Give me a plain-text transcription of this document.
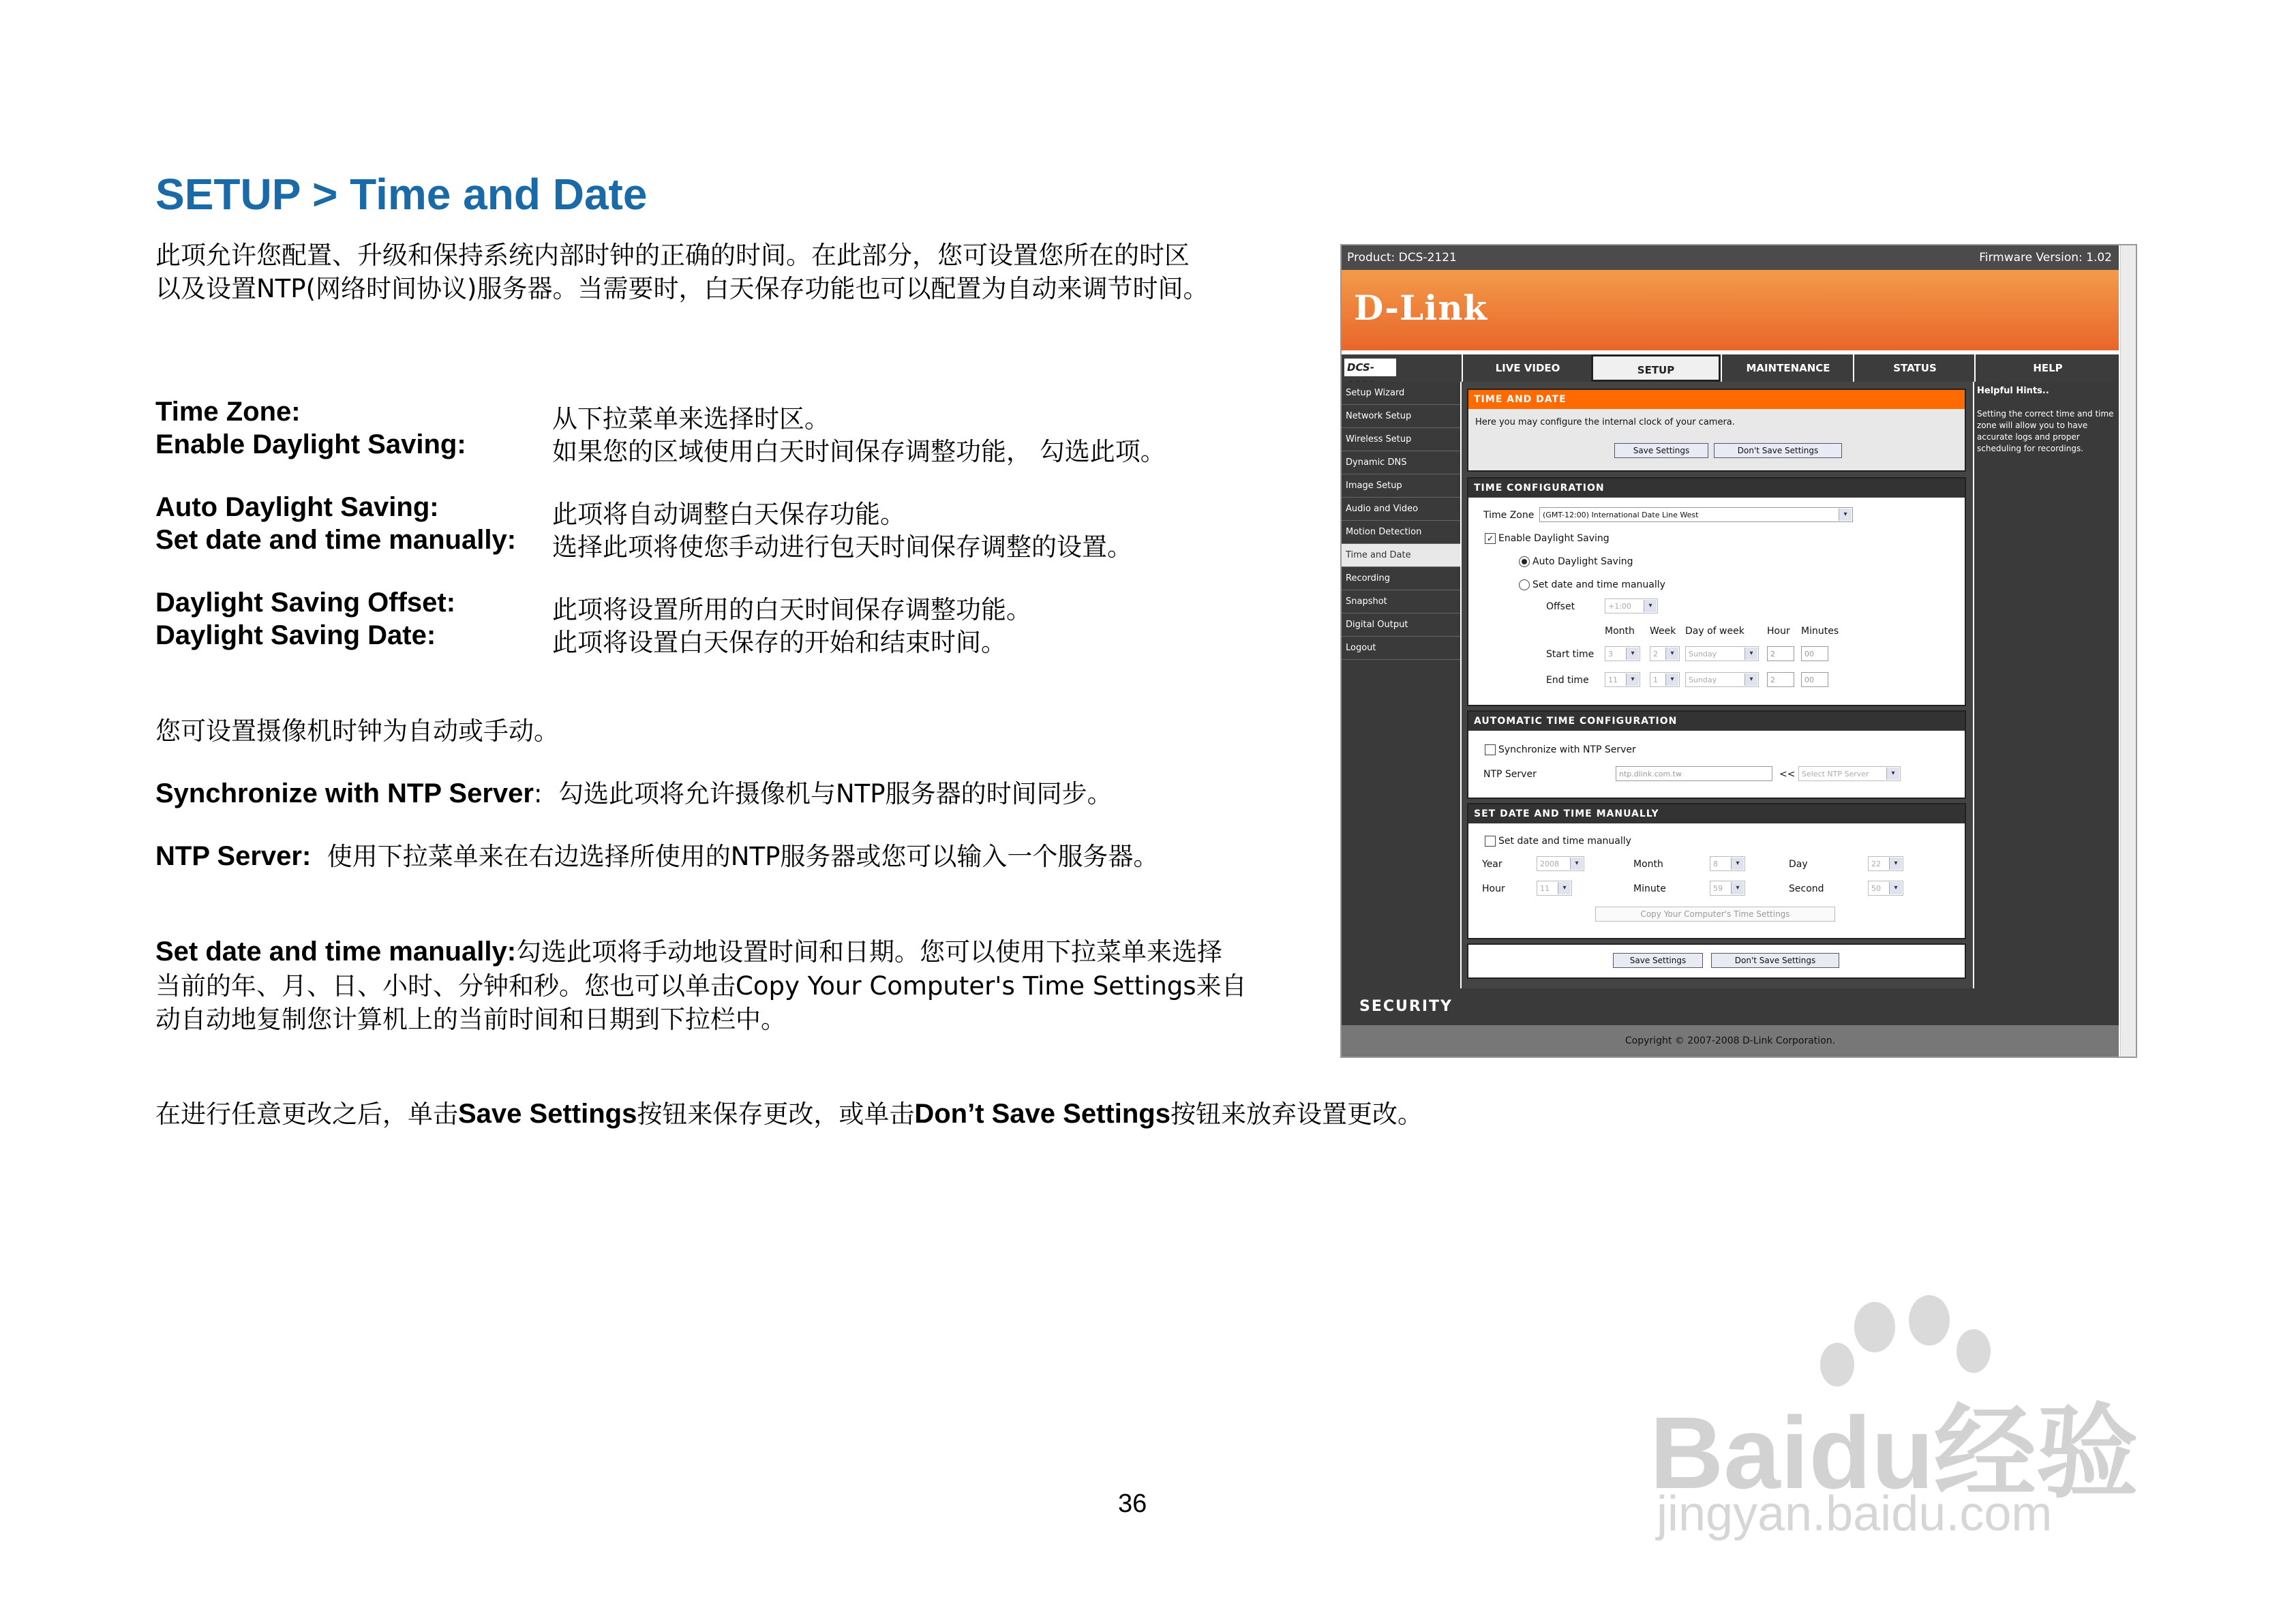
SETUP > Time and Date
此项允许您配置、升级和保持系统内部时钟的正确的时间。在此部分，您可设置您所在的时区
以及设置NTP(网络时间协议)服务器。当需要时，白天保存功能也可以配置为自动来调节时间。
Time Zone:	从下拉菜单来选择时区。
Enable Daylight Saving:	如果您的区域使用白天时间保存调整功能， 勾选此项。
Auto Daylight Saving:	此项将自动调整白天保存功能。
Set date and time manually: 选择此项将使您手动进行包天时间保存调整的设置。
Daylight Saving Offset:	此项将设置所用的白天时间保存调整功能。
Daylight Saving Date:	此项将设置白天保存的开始和结束时间。
您可设置摄像机时钟为自动或手动。
Synchronize with NTP Server: 勾选此项将允许摄像机与NTP服务器的时间同步。
NTP Server: 使用下拉菜单来在右边选择所使用的NTP服务器或您可以输入一个服务器。
Set date and time manually:勾选此项将手动地设置时间和日期。您可以使用下拉菜单来选择
当前的年、月、日、小时、分钟和秒。您也可以单击Copy Your Computer's Time Settings来自
动自动地复制您计算机上的当前时间和日期到下拉栏中。
在进行任意更改之后，单击Save Settings按钮来保存更改，或单击Don’t Save Settings按钮来放弃设置更改。
36
Product: DCS-2121	Firmware Version: 1.02
D-Link
DCS-	LIVE VIDEO	SETUP	MAINTENANCE	STATUS	HELP
Setup Wizard
Network Setup
Wireless Setup
Dynamic DNS
Image Setup
Audio and Video
Motion Detection
Time and Date
Recording
Snapshot
Digital Output
Logout
TIME AND DATE
Here you may configure the internal clock of your camera.
Save Settings	Don't Save Settings
TIME CONFIGURATION
Time Zone	(GMT-12:00) International Date Line West	▾
✓ Enable Daylight Saving
Auto Daylight Saving
Set date and time manually
Offset	+1:00	▾
Month Week Day of week Hour Minutes
Start time	3	▾	2	▾	Sunday	▾	2	00
End time	11	▾	1	▾	Sunday	▾	2	00
AUTOMATIC TIME CONFIGURATION
Synchronize with NTP Server
NTP Server	ntp.dlink.com.tw	<< Select NTP Server	▾
SET DATE AND TIME MANUALLY
Set date and time manually
Year	2008	▾	Month	8	▾	Day	22	▾
Hour	11	▾	Minute	59	▾	Second	50	▾
Copy Your Computer's Time Settings
Save Settings	Don't Save Settings
Helpful Hints..
Setting the correct time and time zone will allow you to have accurate logs and proper scheduling for recordings.
SECURITY
Copyright © 2007-2008 D-Link Corporation.
Baidu经验
jingyan.baidu.com
